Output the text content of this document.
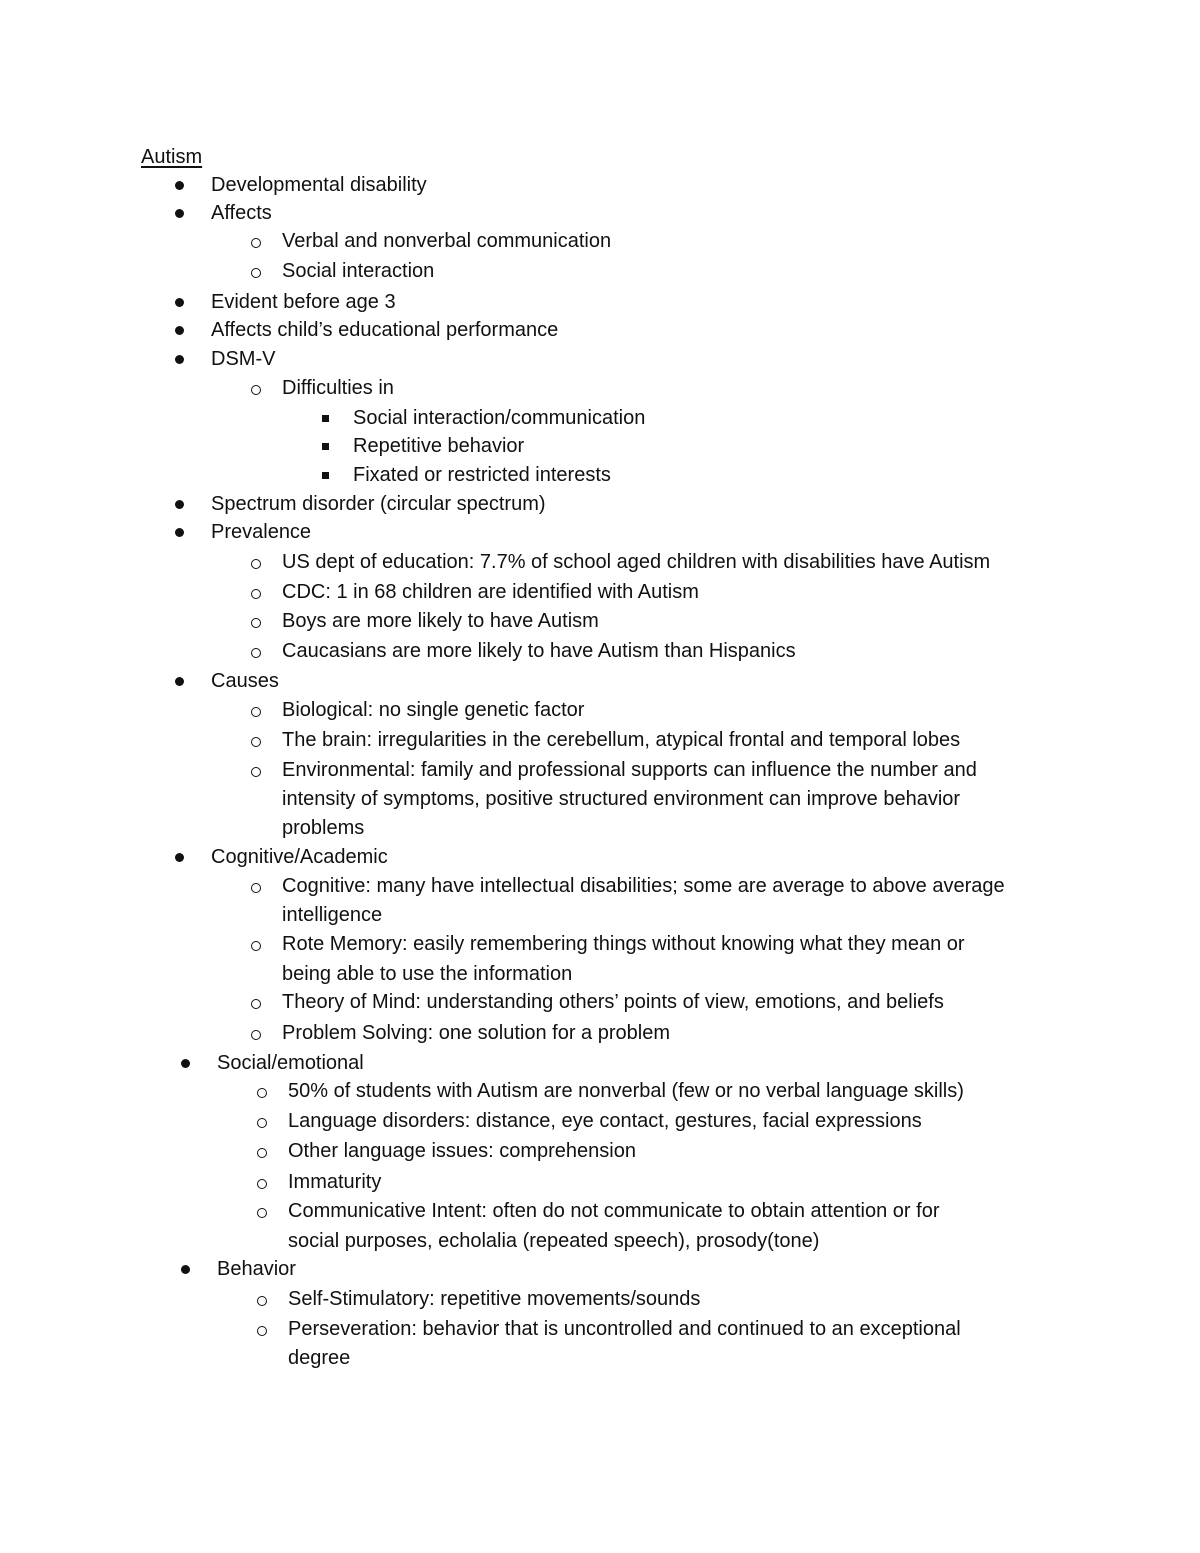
Autism
Developmental disability
Affects
Verbal and nonverbal communication
Social interaction
Evident before age 3
Affects child’s educational performance
DSM-V
Difficulties in
Social interaction/communication
Repetitive behavior
Fixated or restricted interests
Spectrum disorder (circular spectrum)
Prevalence
US dept of education: 7.7% of school aged children with disabilities have Autism
CDC: 1 in 68 children are identified with Autism
Boys are more likely to have Autism
Caucasians are more likely to have Autism than Hispanics
Causes
Biological: no single genetic factor
The brain: irregularities in the cerebellum, atypical frontal and temporal lobes
Environmental: family and professional supports can influence the number and
intensity of symptoms, positive structured environment can improve behavior
problems
Cognitive/Academic
Cognitive: many have intellectual disabilities; some are average to above average
intelligence
Rote Memory: easily remembering things without knowing what they mean or
being able to use the information
Theory of Mind: understanding others’ points of view, emotions, and beliefs
Problem Solving: one solution for a problem
Social/emotional
50% of students with Autism are nonverbal (few or no verbal language skills)
Language disorders: distance, eye contact, gestures, facial expressions
Other language issues: comprehension
Immaturity
Communicative Intent: often do not communicate to obtain attention or for
social purposes, echolalia (repeated speech), prosody(tone)
Behavior
Self-Stimulatory: repetitive movements/sounds
Perseveration: behavior that is uncontrolled and continued to an exceptional
degree
